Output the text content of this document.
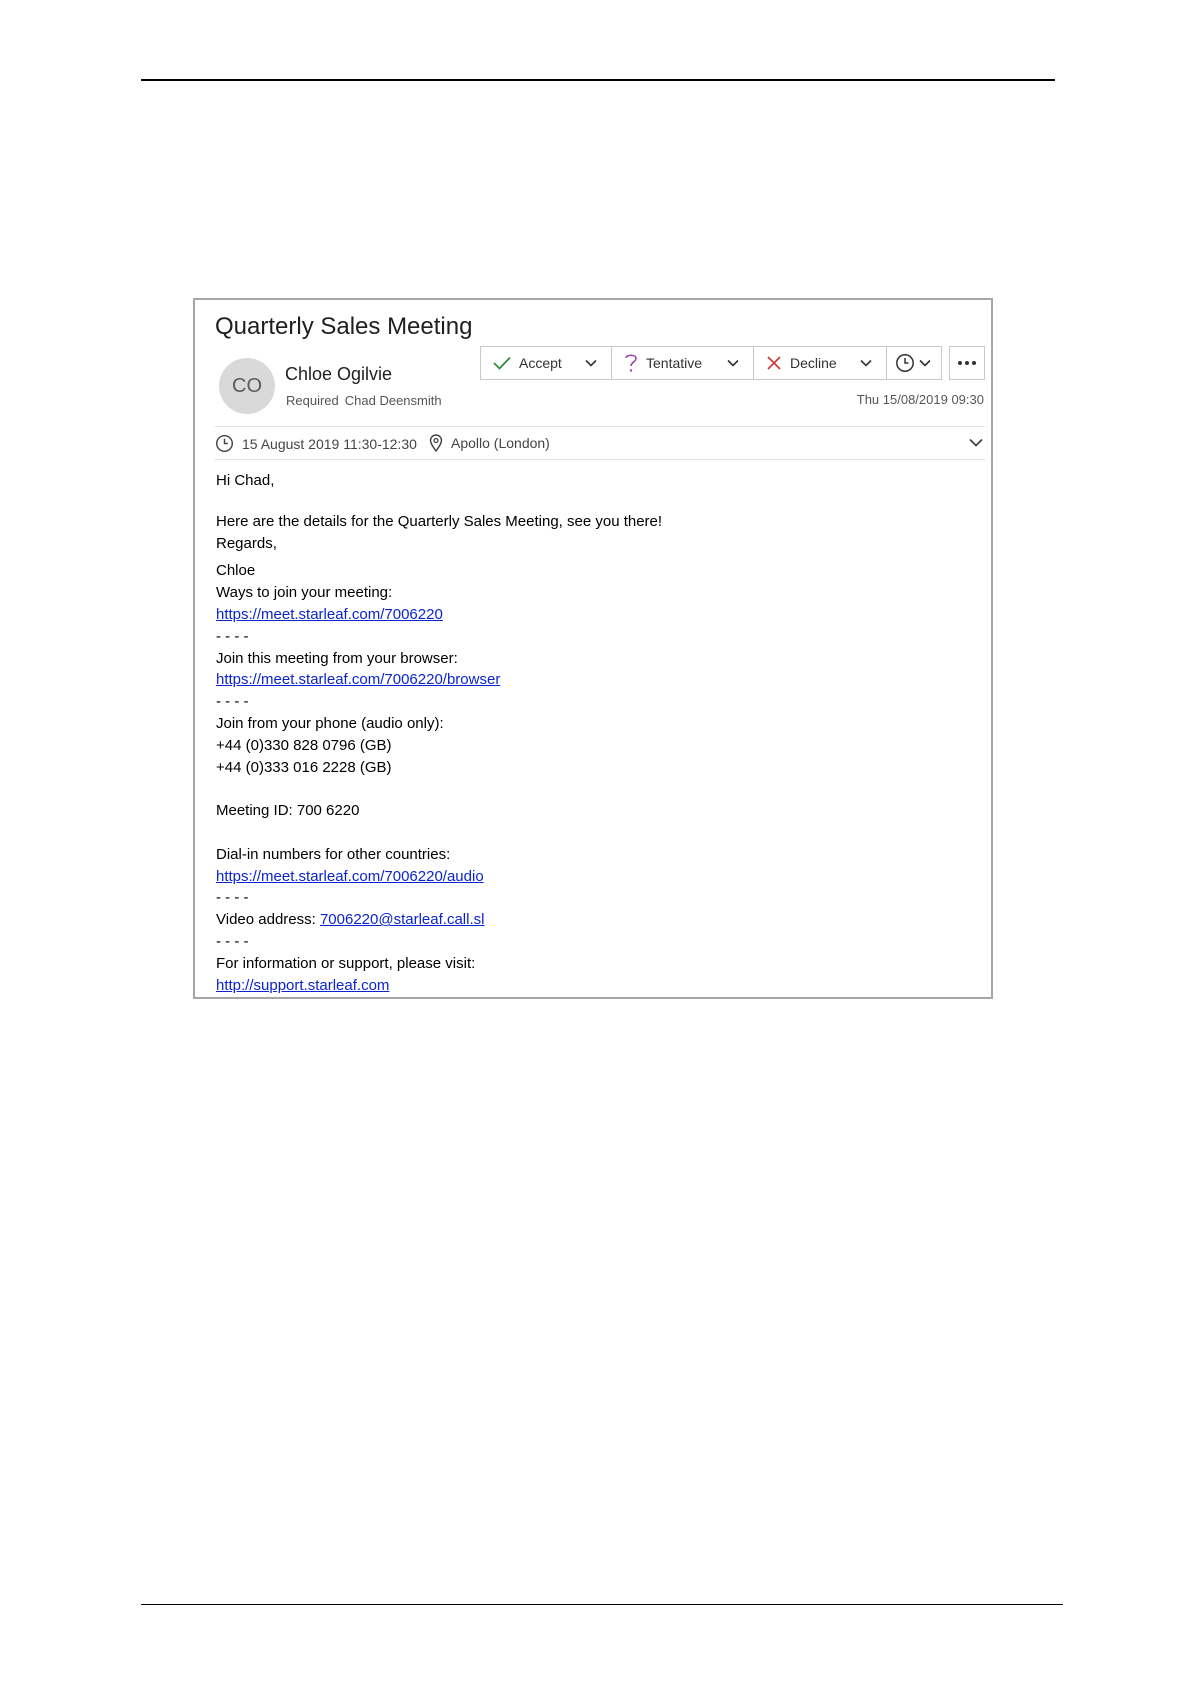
Quarterly Sales Meeting
CO
Chloe Ogilvie
Required Chad Deensmith
Accept	Tentative	Decline
Thu 15/08/2019 09:30
15 August 2019 11:30-12:30 Apollo (London)
Hi Chad,
Here are the details for the Quarterly Sales Meeting, see you there!
Regards,
Chloe
Ways to join your meeting:
https://meet.starleaf.com/7006220
- - - -
Join this meeting from your browser:
https://meet.starleaf.com/7006220/browser
- - - -
Join from your phone (audio only):
+44 (0)330 828 0796 (GB)
+44 (0)333 016 2228 (GB)
Meeting ID: 700 6220
Dial-in numbers for other countries:
https://meet.starleaf.com/7006220/audio
- - - -
Video address: 7006220@starleaf.call.sl
- - - -
For information or support, please visit:
http://support.starleaf.com
